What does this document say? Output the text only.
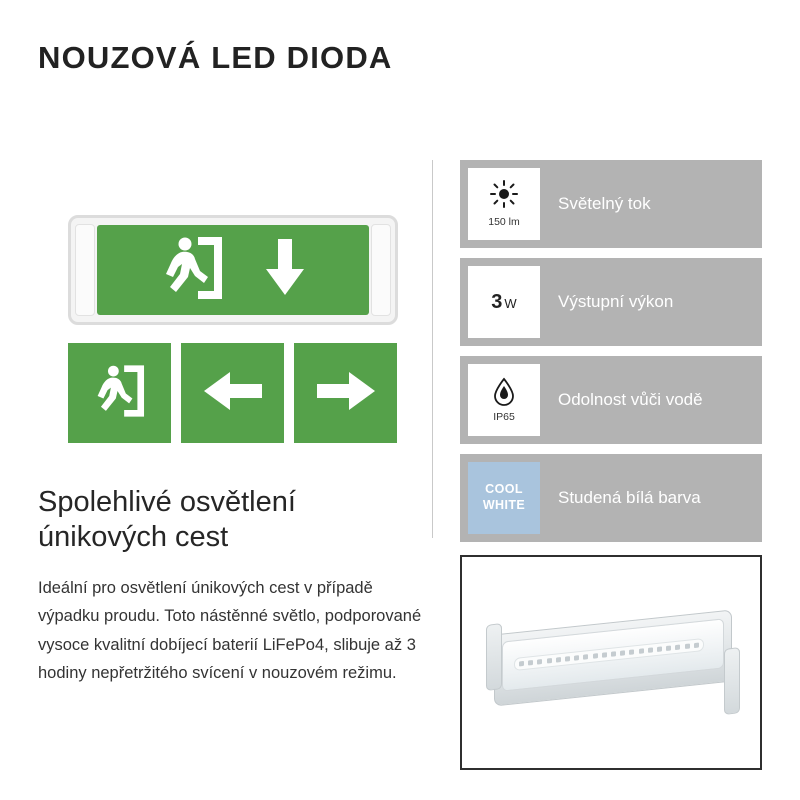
NOUZOVÁ LED DIODA
Spolehlivé osvětlení únikových cest
Ideální pro osvětlení únikových cest v případě výpadku proudu. Toto nástěnné světlo, podporované vysoce kvalitní dobíjecí baterií LiFePo4, slibuje až 3 hodiny nepřetržitého svícení v nouzovém režimu.
150 lm
Světelný tok
3 W Výstupní výkon
IP65
Odolnost vůči vodě
COOL
WHITE Studená bílá barva
